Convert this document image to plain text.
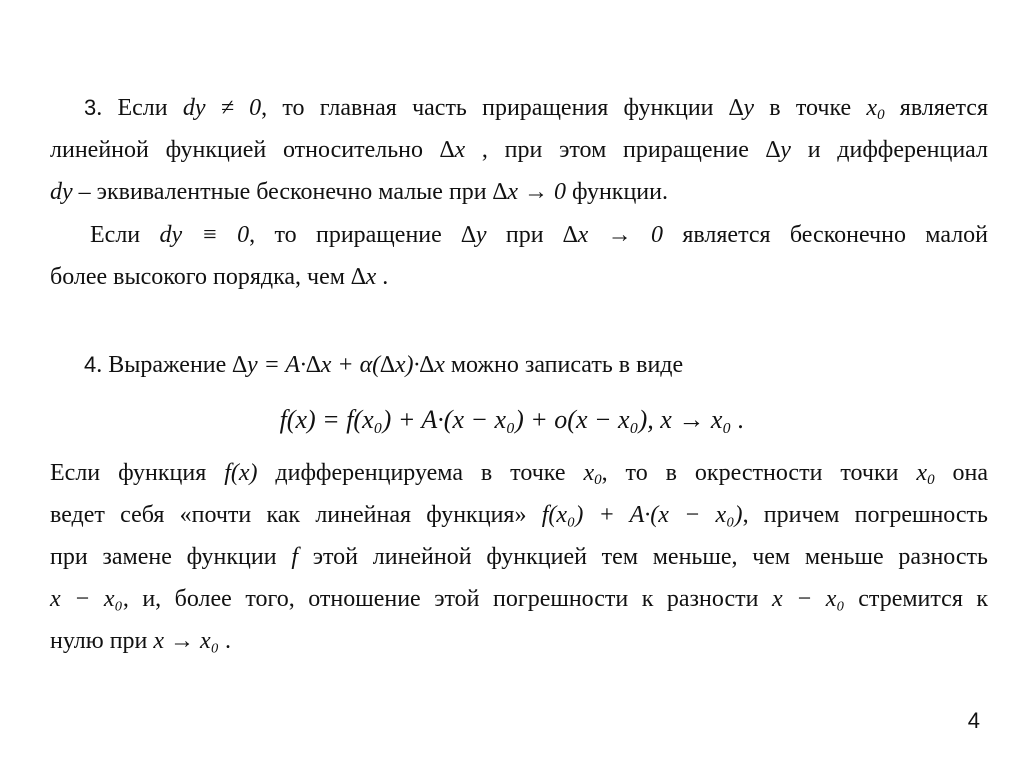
3. Если dy ≠ 0, то главная часть приращения функции ∆y в точке $x_0$ является
линейной функцией относительно ∆x , при этом приращение ∆y и дифференциал
dy – эквивалентные бесконечно малые при ∆x → 0 функции.
Если dy ≡ 0, то приращение ∆y при ∆x → 0 является бесконечно малой
более высокого порядка, чем ∆x .
4. Выражение ∆y = A·∆x + α(∆x)·∆x можно записать в виде
f(x) = f(x₀) + A·(x − x₀) + o(x − x₀), x → x₀ .
Если функция f(x) дифференцируема в точке $x_0$, то в окрестности точки $x_0$ она
ведет себя «почти как линейная функция» f(x₀) + A·(x − x₀), причем погрешность
при замене функции f этой линейной функцией тем меньше, чем меньше разность
x − x₀, и, более того, отношение этой погрешности к разности x − x₀ стремится к
нулю при x → x₀ .
4
